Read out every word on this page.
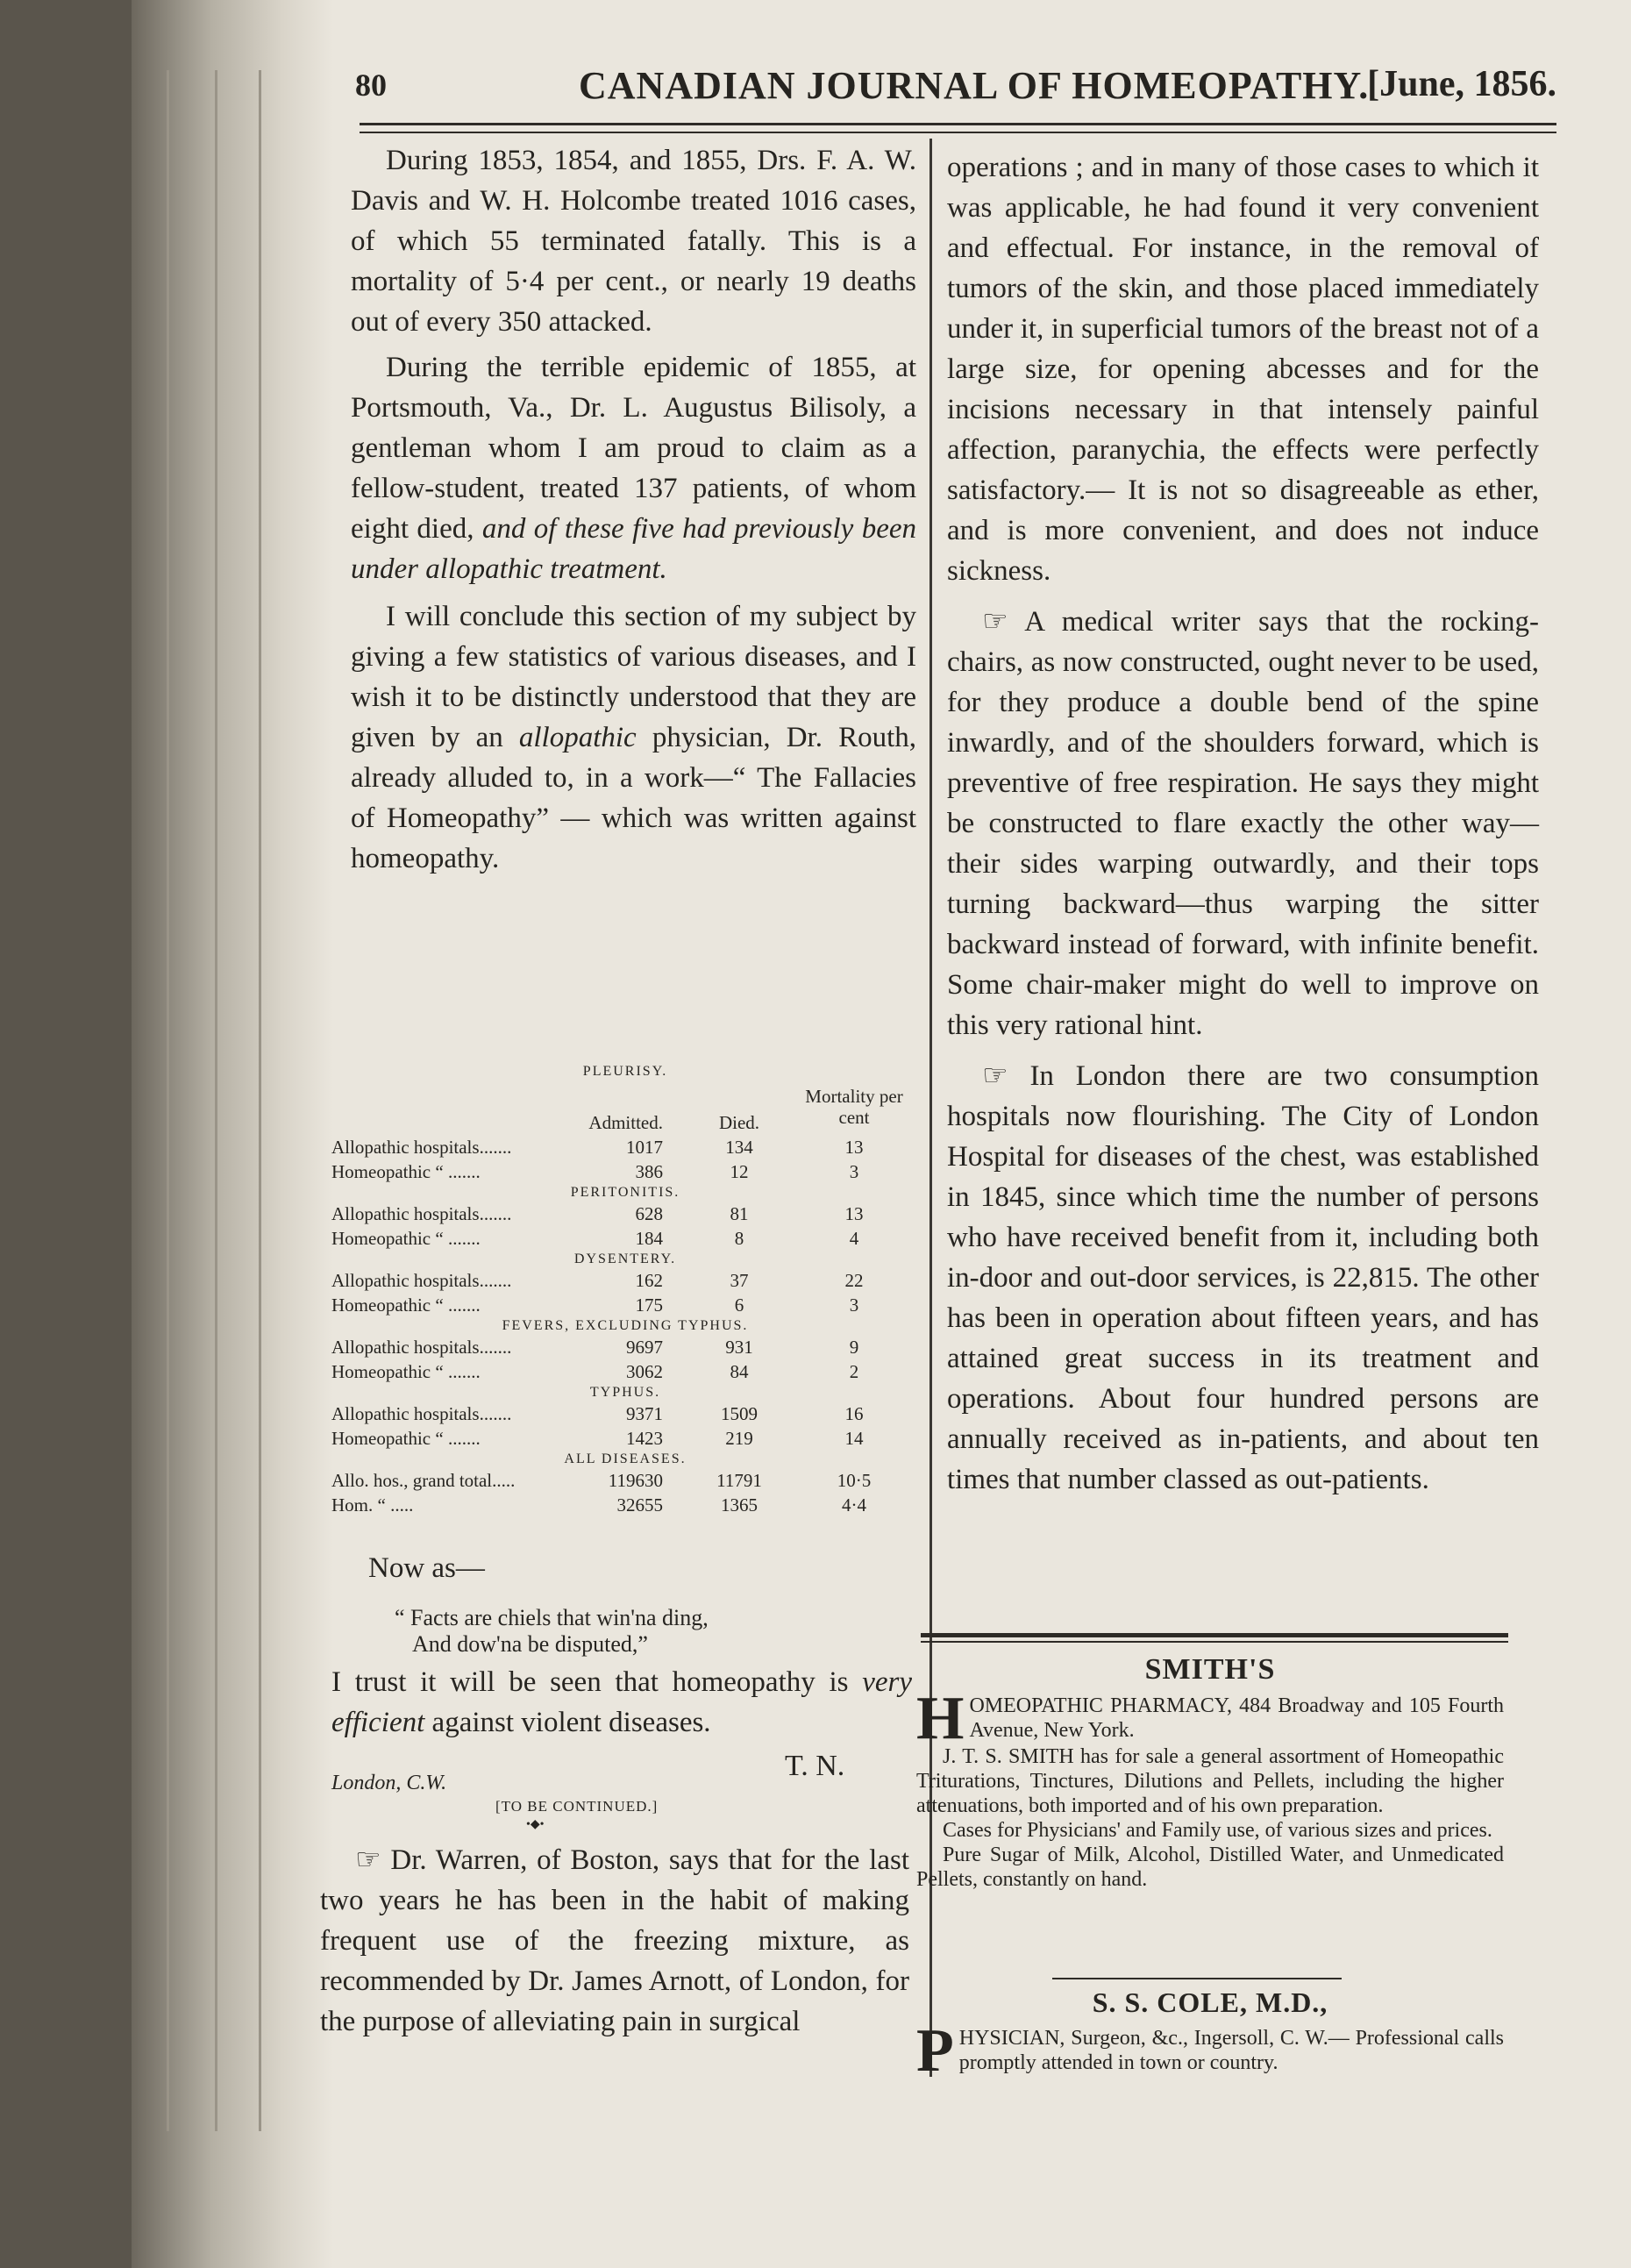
80	CANADIAN JOURNAL OF HOMEOPATHY.
[June, 1856.

During 1853, 1854, and 1855, Drs. F. A. W. Davis and W. H. Holcombe treated 1016 cases, of which 55 terminated fatally. This is a mortality of 5·4 per cent., or nearly 19 deaths out of every 350 attacked.

During the terrible epidemic of 1855, at Portsmouth, Va., Dr. L. Augustus Bilisoly, a gentleman whom I am proud to claim as a fellow-student, treated 137 patients, of whom eight died, and of these five had previously been under allopathic treatment.

I will conclude this section of my subject by giving a few statistics of various diseases, and I wish it to be distinctly understood that they are given by an allopathic physician, Dr. Routh, already alluded to, in a work—“ The Fallacies of Homeopathy” — which was written against homeopathy.

PLEURISY.
Admitted.	Died.
Mortality per cent
Allopathic hospitals.......	1017	134	13
Homeopathic “ .......	386	12	3
PERITONITIS.
Allopathic hospitals.......	628	81	13
Homeopathic “ .......	184	8	4
DYSENTERY.
Allopathic hospitals.......	162	37	22
Homeopathic “ .......	175	6	3
FEVERS, EXCLUDING TYPHUS.
Allopathic hospitals.......	9697	931	9
Homeopathic “ .......	3062	84	2
TYPHUS.
Allopathic hospitals.......	9371	1509	16
Homeopathic “ .......	1423	219	14
ALL DISEASES.
Allo. hos., grand total.....	119630	11791	10·5
Hom. “ .....	32655	1365	4·4

Now as—

“ Facts are chiels that win'na ding,
And dow'na be disputed,”

I trust it will be seen that homeopathy is very efficient against violent diseases.

T. N.
London, C.W.
[TO BE CONTINUED.]
•◆•

☞ Dr. Warren, of Boston, says that for the last two years he has been in the habit of making frequent use of the freezing mixture, as recommended by Dr. James Arnott, of London, for the purpose of alleviating pain in surgical

operations ; and in many of those cases to which it was applicable, he had found it very convenient and effectual. For instance, in the removal of tumors of the skin, and those placed immediately under it, in superficial tumors of the breast not of a large size, for opening abcesses and for the incisions necessary in that intensely painful affection, paranychia, the effects were perfectly satisfactory.— It is not so disagreeable as ether, and is more convenient, and does not induce sickness.

☞ A medical writer says that the rocking-chairs, as now constructed, ought never to be used, for they produce a double bend of the spine inwardly, and of the shoulders forward, which is preventive of free respiration. He says they might be constructed to flare exactly the other way—their sides warping outwardly, and their tops turning backward—thus warping the sitter backward instead of forward, with infinite benefit. Some chair-maker might do well to improve on this very rational hint.

☞ In London there are two consumption hospitals now flourishing. The City of London Hospital for diseases of the chest, was established in 1845, since which time the number of persons who have received benefit from it, including both in-door and out-door services, is 22,815. The other has been in operation about fifteen years, and has attained great success in its treatment and operations. About four hundred persons are annually received as in-patients, and about ten times that number classed as out-patients.

SMITH'S
H OMEOPATHIC PHARMACY, 484 Broadway and 105 Fourth Avenue, New York.
J. T. S. SMITH has for sale a general assortment of Homeopathic Triturations, Tinctures, Dilutions and Pellets, including the higher attenuations, both imported and of his own preparation.
Cases for Physicians' and Family use, of various sizes and prices.
Pure Sugar of Milk, Alcohol, Distilled Water, and Unmedicated Pellets, constantly on hand.
S. S. COLE, M.D.,
P HYSICIAN, Surgeon, &c., Ingersoll, C. W.— Professional calls promptly attended in town or country.
